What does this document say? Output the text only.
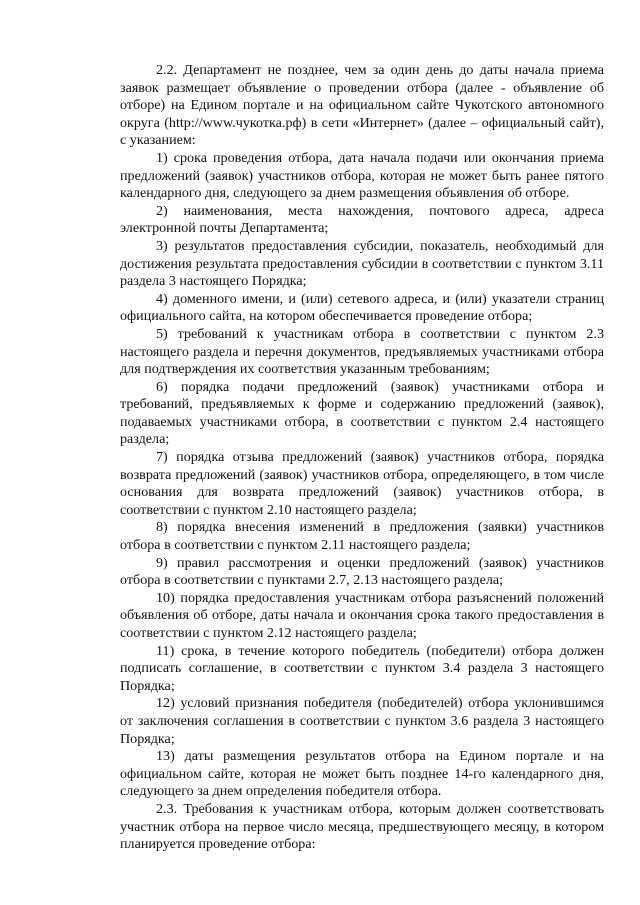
2.2. Департамент не позднее, чем за один день до даты начала приема заявок размещает объявление о проведении отбора (далее - объявление об отборе) на Едином портале и на официальном сайте Чукотского автономного округа (http://www.чукотка.рф) в сети «Интернет» (далее – официальный сайт), с указанием:

1) срока проведения отбора, дата начала подачи или окончания приема предложений (заявок) участников отбора, которая не может быть ранее пятого календарного дня, следующего за днем размещения объявления об отборе.

2) наименования, места нахождения, почтового адреса, адреса электронной почты Департамента;

3) результатов предоставления субсидии, показатель, необходимый для достижения результата предоставления субсидии в соответствии с пунктом 3.11 раздела 3 настоящего Порядка;

4) доменного имени, и (или) сетевого адреса, и (или) указатели страниц официального сайта, на котором обеспечивается проведение отбора;

5) требований к участникам отбора в соответствии с пунктом 2.3 настоящего раздела и перечня документов, предъявляемых участниками отбора для подтверждения их соответствия указанным требованиям;

6) порядка подачи предложений (заявок) участниками отбора и требований, предъявляемых к форме и содержанию предложений (заявок), подаваемых участниками отбора, в соответствии с пунктом 2.4 настоящего раздела;

7) порядка отзыва предложений (заявок) участников отбора, порядка возврата предложений (заявок) участников отбора, определяющего, в том числе основания для возврата предложений (заявок) участников отбора, в соответствии с пунктом 2.10 настоящего раздела;

8) порядка внесения изменений в предложения (заявки) участников отбора в соответствии с пунктом 2.11 настоящего раздела;

9) правил рассмотрения и оценки предложений (заявок) участников отбора в соответствии с пунктами 2.7, 2.13 настоящего раздела;

10) порядка предоставления участникам отбора разъяснений положений объявления об отборе, даты начала и окончания срока такого предоставления в соответствии с пунктом 2.12 настоящего раздела;

11) срока, в течение которого победитель (победители) отбора должен подписать соглашение, в соответствии с пунктом 3.4 раздела 3 настоящего Порядка;

12) условий признания победителя (победителей) отбора уклонившимся от заключения соглашения в соответствии с пунктом 3.6 раздела 3 настоящего Порядка;

13) даты размещения результатов отбора на Едином портале и на официальном сайте, которая не может быть позднее 14-го календарного дня, следующего за днем определения победителя отбора.

2.3. Требования к участникам отбора, которым должен соответствовать участник отбора на первое число месяца, предшествующего месяцу, в котором планируется проведение отбора:
